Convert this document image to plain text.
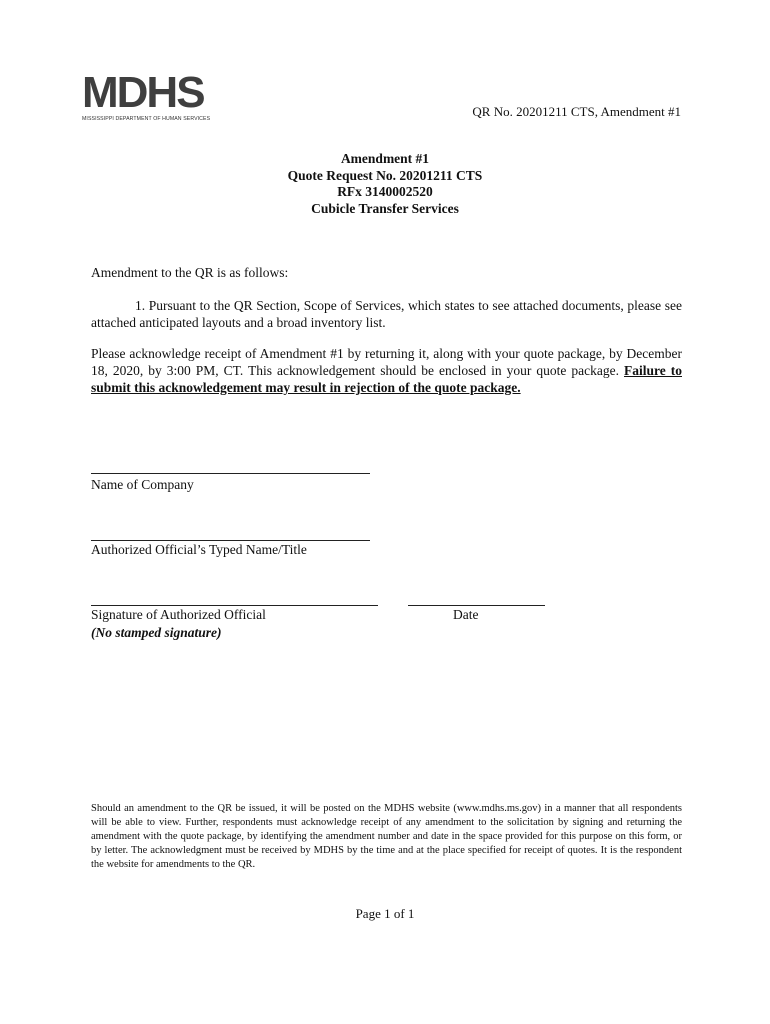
MDHS
MISSISSIPPI DEPARTMENT OF HUMAN SERVICES	QR No. 20201211 CTS, Amendment #1
Amendment #1
Quote Request No. 20201211 CTS
RFx 3140002520
Cubicle Transfer Services
Amendment to the QR is as follows:
1. Pursuant to the QR Section, Scope of Services, which states to see attached documents, please see attached anticipated layouts and a broad inventory list.
Please acknowledge receipt of Amendment #1 by returning it, along with your quote package, by December 18, 2020, by 3:00 PM, CT. This acknowledgement should be enclosed in your quote package. Failure to submit this acknowledgement may result in rejection of the quote package.
Name of Company
Authorized Official’s Typed Name/Title
Signature of Authorized Official	Date
(No stamped signature)
Should an amendment to the QR be issued, it will be posted on the MDHS website (www.mdhs.ms.gov) in a manner that all respondents will be able to view. Further, respondents must acknowledge receipt of any amendment to the solicitation by signing and returning the amendment with the quote package, by identifying the amendment number and date in the space provided for this purpose on this form, or by letter. The acknowledgment must be received by MDHS by the time and at the place specified for receipt of quotes. It is the respondent the website for amendments to the QR.
Page 1 of 1
